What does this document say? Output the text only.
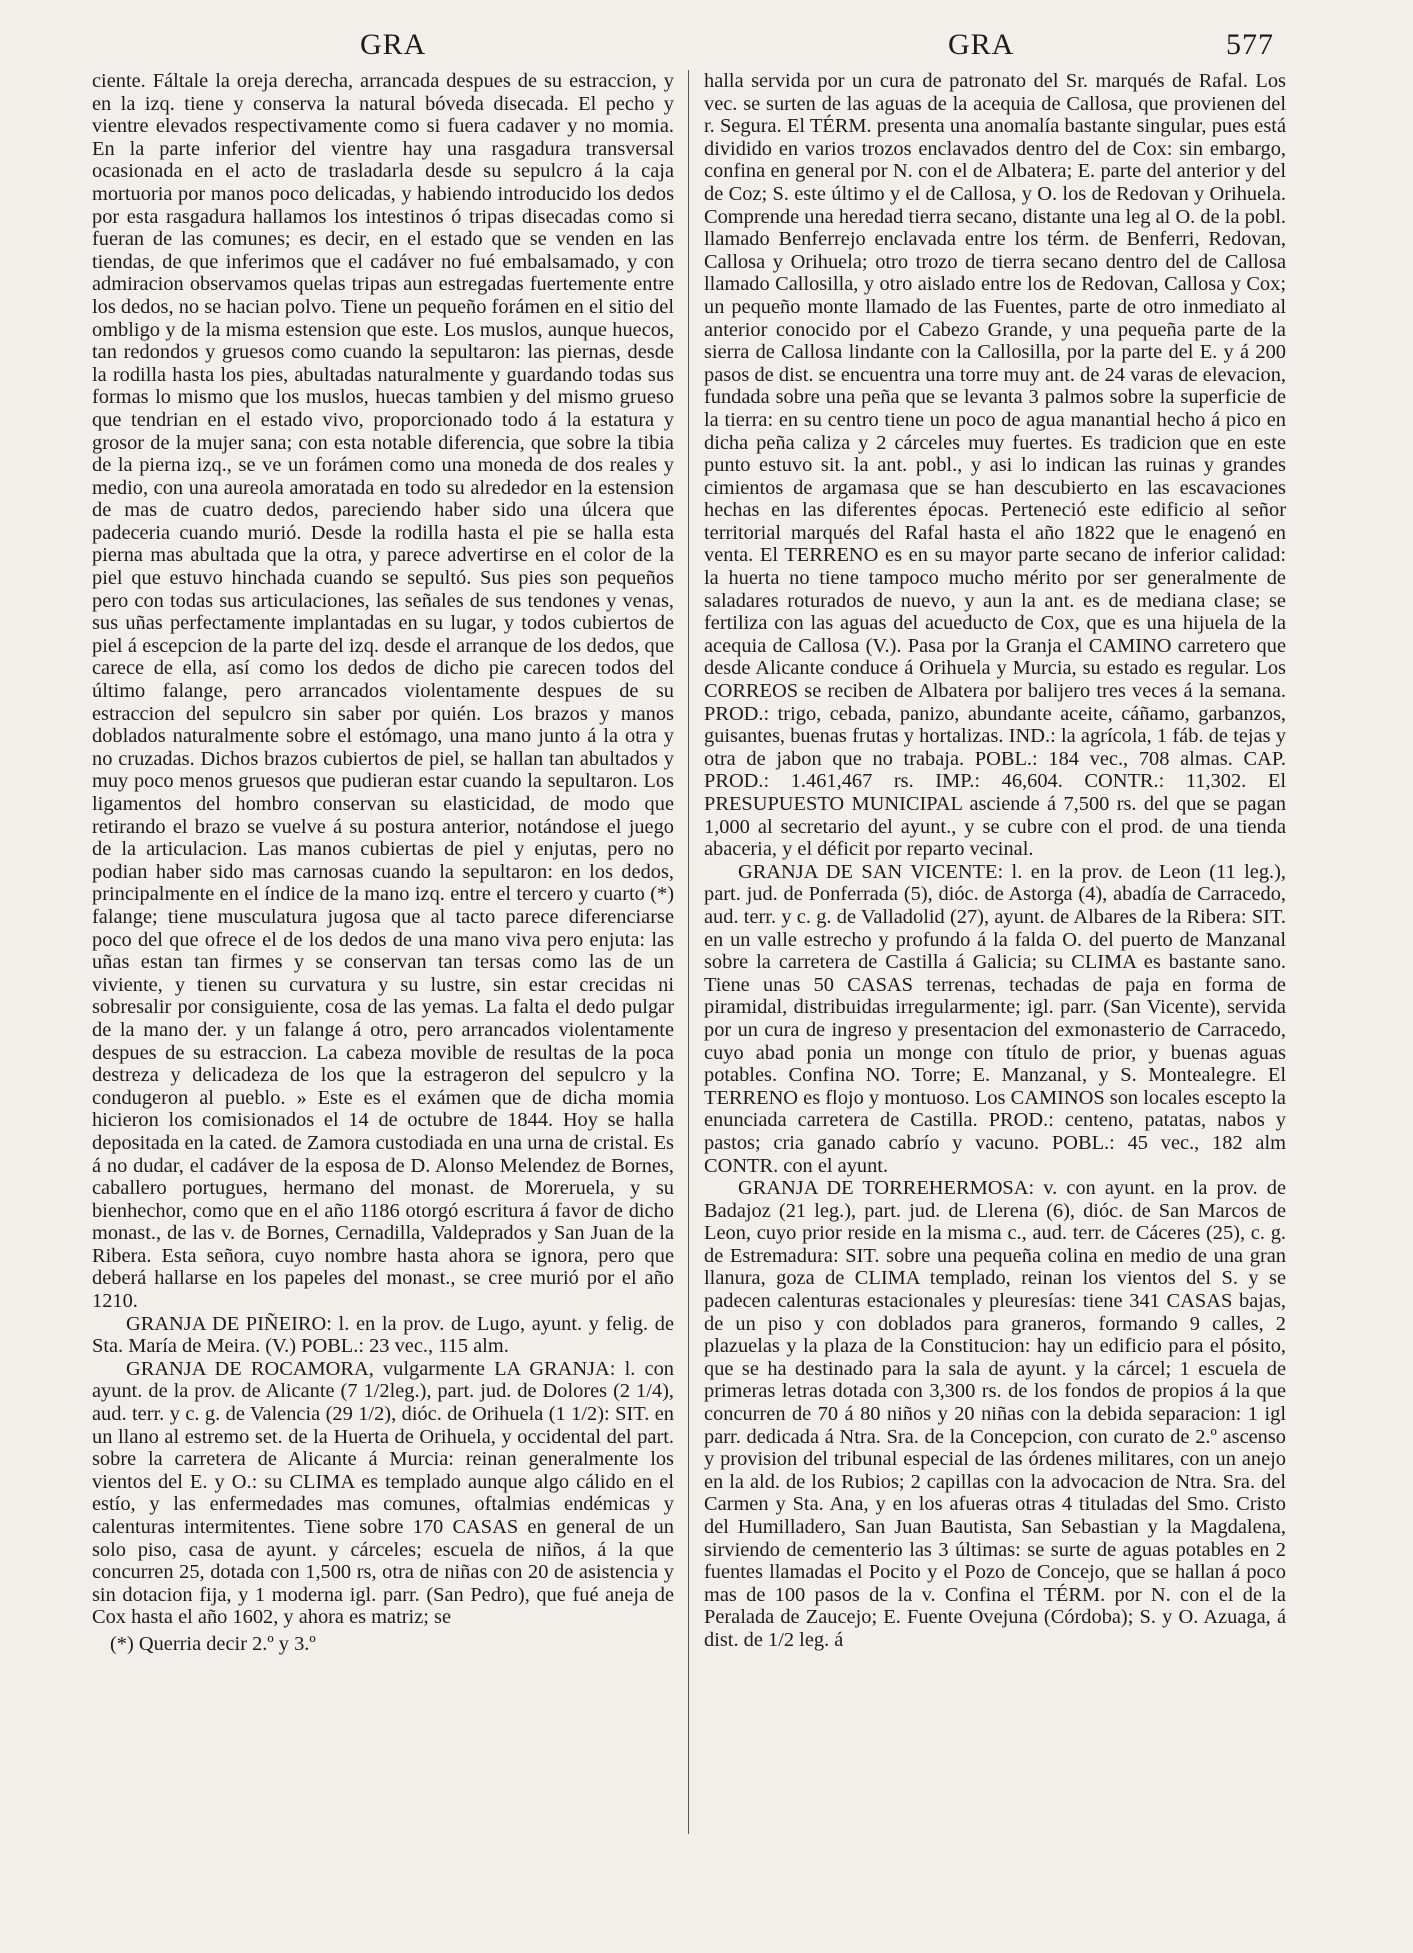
GRA	GRA	577

ciente. Fáltale la oreja derecha, arrancada despues de su estraccion, y en la izq. tiene y conserva la natural bóveda disecada. El pecho y vientre elevados respectivamente como si fuera cadaver y no momia. En la parte inferior del vientre hay una rasgadura transversal ocasionada en el acto de trasladarla desde su sepulcro á la caja mortuoria por manos poco delicadas, y habiendo introducido los dedos por esta rasgadura hallamos los intestinos ó tripas disecadas como si fueran de las comunes; es decir, en el estado que se venden en las tiendas, de que inferimos que el cadáver no fué embalsamado, y con admiracion observamos quelas tripas aun estregadas fuertemente entre los dedos, no se hacian polvo. Tiene un pequeño forámen en el sitio del ombligo y de la misma estension que este. Los muslos, aunque huecos, tan redondos y gruesos como cuando la sepultaron: las piernas, desde la rodilla hasta los pies, abultadas naturalmente y guardando todas sus formas lo mismo que los muslos, huecas tambien y del mismo grueso que tendrian en el estado vivo, proporcionado todo á la estatura y grosor de la mujer sana; con esta notable diferencia, que sobre la tibia de la pierna izq., se ve un forámen como una moneda de dos reales y medio, con una aureola amoratada en todo su alrededor en la estension de mas de cuatro dedos, pareciendo haber sido una úlcera que padeceria cuando murió. Desde la rodilla hasta el pie se halla esta pierna mas abultada que la otra, y parece advertirse en el color de la piel que estuvo hinchada cuando se sepultó. Sus pies son pequeños pero con todas sus articulaciones, las señales de sus tendones y venas, sus uñas perfectamente implantadas en su lugar, y todos cubiertos de piel á escepcion de la parte del izq. desde el arranque de los dedos, que carece de ella, así como los dedos de dicho pie carecen todos del último falange, pero arrancados violentamente despues de su estraccion del sepulcro sin saber por quién. Los brazos y manos doblados naturalmente sobre el estómago, una mano junto á la otra y no cruzadas. Dichos brazos cubiertos de piel, se hallan tan abultados y muy poco menos gruesos que pudieran estar cuando la sepultaron. Los ligamentos del hombro conservan su elasticidad, de modo que retirando el brazo se vuelve á su postura anterior, notándose el juego de la articulacion. Las manos cubiertas de piel y enjutas, pero no podian haber sido mas carnosas cuando la sepultaron: en los dedos, principalmente en el índice de la mano izq. entre el tercero y cuarto (*) falange; tiene musculatura jugosa que al tacto parece diferenciarse poco del que ofrece el de los dedos de una mano viva pero enjuta: las uñas estan tan firmes y se conservan tan tersas como las de un viviente, y tienen su curvatura y su lustre, sin estar crecidas ni sobresalir por consiguiente, cosa de las yemas. La falta el dedo pulgar de la mano der. y un falange á otro, pero arrancados violentamente despues de su estraccion. La cabeza movible de resultas de la poca destreza y delicadeza de los que la estrageron del sepulcro y la condugeron al pueblo. » Este es el exámen que de dicha momia hicieron los comisionados el 14 de octubre de 1844. Hoy se halla depositada en la cated. de Zamora custodiada en una urna de cristal. Es á no dudar, el cadáver de la esposa de D. Alonso Melendez de Bornes, caballero portugues, hermano del monast. de Moreruela, y su bienhechor, como que en el año 1186 otorgó escritura á favor de dicho monast., de las v. de Bornes, Cernadilla, Valdeprados y San Juan de la Ribera. Esta señora, cuyo nombre hasta ahora se ignora, pero que deberá hallarse en los papeles del monast., se cree murió por el año 1210.

GRANJA DE PIÑEIRO: l. en la prov. de Lugo, ayunt. y felig. de Sta. María de Meira. (V.) POBL.: 23 vec., 115 alm.

GRANJA DE ROCAMORA, vulgarmente LA GRANJA: l. con ayunt. de la prov. de Alicante (7 1/2leg.), part. jud. de Dolores (2 1/4), aud. terr. y c. g. de Valencia (29 1/2), dióc. de Orihuela (1 1/2): SIT. en un llano al estremo set. de la Huerta de Orihuela, y occidental del part. sobre la carretera de Alicante á Murcia: reinan generalmente los vientos del E. y O.: su CLIMA es templado aunque algo cálido en el estío, y las enfermedades mas comunes, oftalmias endémicas y calenturas intermitentes. Tiene sobre 170 CASAS en general de un solo piso, casa de ayunt. y cárceles; escuela de niños, á la que concurren 25, dotada con 1,500 rs, otra de niñas con 20 de asistencia y sin dotacion fija, y 1 moderna igl. parr. (San Pedro), que fué aneja de Cox hasta el año 1602, y ahora es matriz; se

(*) Querria decir 2.º y 3.º

halla servida por un cura de patronato del Sr. marqués de Rafal. Los vec. se surten de las aguas de la acequia de Callosa, que provienen del r. Segura. El TÉRM. presenta una anomalía bastante singular, pues está dividido en varios trozos enclavados dentro del de Cox: sin embargo, confina en general por N. con el de Albatera; E. parte del anterior y del de Coz; S. este último y el de Callosa, y O. los de Redovan y Orihuela. Comprende una heredad tierra secano, distante una leg al O. de la pobl. llamado Benferrejo enclavada entre los térm. de Benferri, Redovan, Callosa y Orihuela; otro trozo de tierra secano dentro del de Callosa llamado Callosilla, y otro aislado entre los de Redovan, Callosa y Cox; un pequeño monte llamado de las Fuentes, parte de otro inmediato al anterior conocido por el Cabezo Grande, y una pequeña parte de la sierra de Callosa lindante con la Callosilla, por la parte del E. y á 200 pasos de dist. se encuentra una torre muy ant. de 24 varas de elevacion, fundada sobre una peña que se levanta 3 palmos sobre la superficie de la tierra: en su centro tiene un poco de agua manantial hecho á pico en dicha peña caliza y 2 cárceles muy fuertes. Es tradicion que en este punto estuvo sit. la ant. pobl., y asi lo indican las ruinas y grandes cimientos de argamasa que se han descubierto en las escavaciones hechas en las diferentes épocas. Perteneció este edificio al señor territorial marqués del Rafal hasta el año 1822 que le enagenó en venta. El TERRENO es en su mayor parte secano de inferior calidad: la huerta no tiene tampoco mucho mérito por ser generalmente de saladares roturados de nuevo, y aun la ant. es de mediana clase; se fertiliza con las aguas del acueducto de Cox, que es una hijuela de la acequia de Callosa (V.). Pasa por la Granja el CAMINO carretero que desde Alicante conduce á Orihuela y Murcia, su estado es regular. Los CORREOS se reciben de Albatera por balijero tres veces á la semana. PROD.: trigo, cebada, panizo, abundante aceite, cáñamo, garbanzos, guisantes, buenas frutas y hortalizas. IND.: la agrícola, 1 fáb. de tejas y otra de jabon que no trabaja. POBL.: 184 vec., 708 almas. CAP. PROD.: 1.461,467 rs. IMP.: 46,604. CONTR.: 11,302. El PRESUPUESTO MUNICIPAL asciende á 7,500 rs. del que se pagan 1,000 al secretario del ayunt., y se cubre con el prod. de una tienda abaceria, y el déficit por reparto vecinal.

GRANJA DE SAN VICENTE: l. en la prov. de Leon (11 leg.), part. jud. de Ponferrada (5), dióc. de Astorga (4), abadía de Carracedo, aud. terr. y c. g. de Valladolid (27), ayunt. de Albares de la Ribera: SIT. en un valle estrecho y profundo á la falda O. del puerto de Manzanal sobre la carretera de Castilla á Galicia; su CLIMA es bastante sano. Tiene unas 50 CASAS terrenas, techadas de paja en forma de piramidal, distribuidas irregularmente; igl. parr. (San Vicente), servida por un cura de ingreso y presentacion del exmonasterio de Carracedo, cuyo abad ponia un monge con título de prior, y buenas aguas potables. Confina NO. Torre; E. Manzanal, y S. Montealegre. El TERRENO es flojo y montuoso. Los CAMINOS son locales escepto la enunciada carretera de Castilla. PROD.: centeno, patatas, nabos y pastos; cria ganado cabrío y vacuno. POBL.: 45 vec., 182 alm CONTR. con el ayunt.

GRANJA DE TORREHERMOSA: v. con ayunt. en la prov. de Badajoz (21 leg.), part. jud. de Llerena (6), dióc. de San Marcos de Leon, cuyo prior reside en la misma c., aud. terr. de Cáceres (25), c. g. de Estremadura: SIT. sobre una pequeña colina en medio de una gran llanura, goza de CLIMA templado, reinan los vientos del S. y se padecen calenturas estacionales y pleuresías: tiene 341 CASAS bajas, de un piso y con doblados para graneros, formando 9 calles, 2 plazuelas y la plaza de la Constitucion: hay un edificio para el pósito, que se ha destinado para la sala de ayunt. y la cárcel; 1 escuela de primeras letras dotada con 3,300 rs. de los fondos de propios á la que concurren de 70 á 80 niños y 20 niñas con la debida separacion: 1 igl parr. dedicada á Ntra. Sra. de la Concepcion, con curato de 2.º ascenso y provision del tribunal especial de las órdenes militares, con un anejo en la ald. de los Rubios; 2 capillas con la advocacion de Ntra. Sra. del Carmen y Sta. Ana, y en los afueras otras 4 tituladas del Smo. Cristo del Humilladero, San Juan Bautista, San Sebastian y la Magdalena, sirviendo de cementerio las 3 últimas: se surte de aguas potables en 2 fuentes llamadas el Pocito y el Pozo de Concejo, que se hallan á poco mas de 100 pasos de la v. Confina el TÉRM. por N. con el de la Peralada de Zaucejo; E. Fuente Ovejuna (Córdoba); S. y O. Azuaga, á dist. de 1/2 leg. á
